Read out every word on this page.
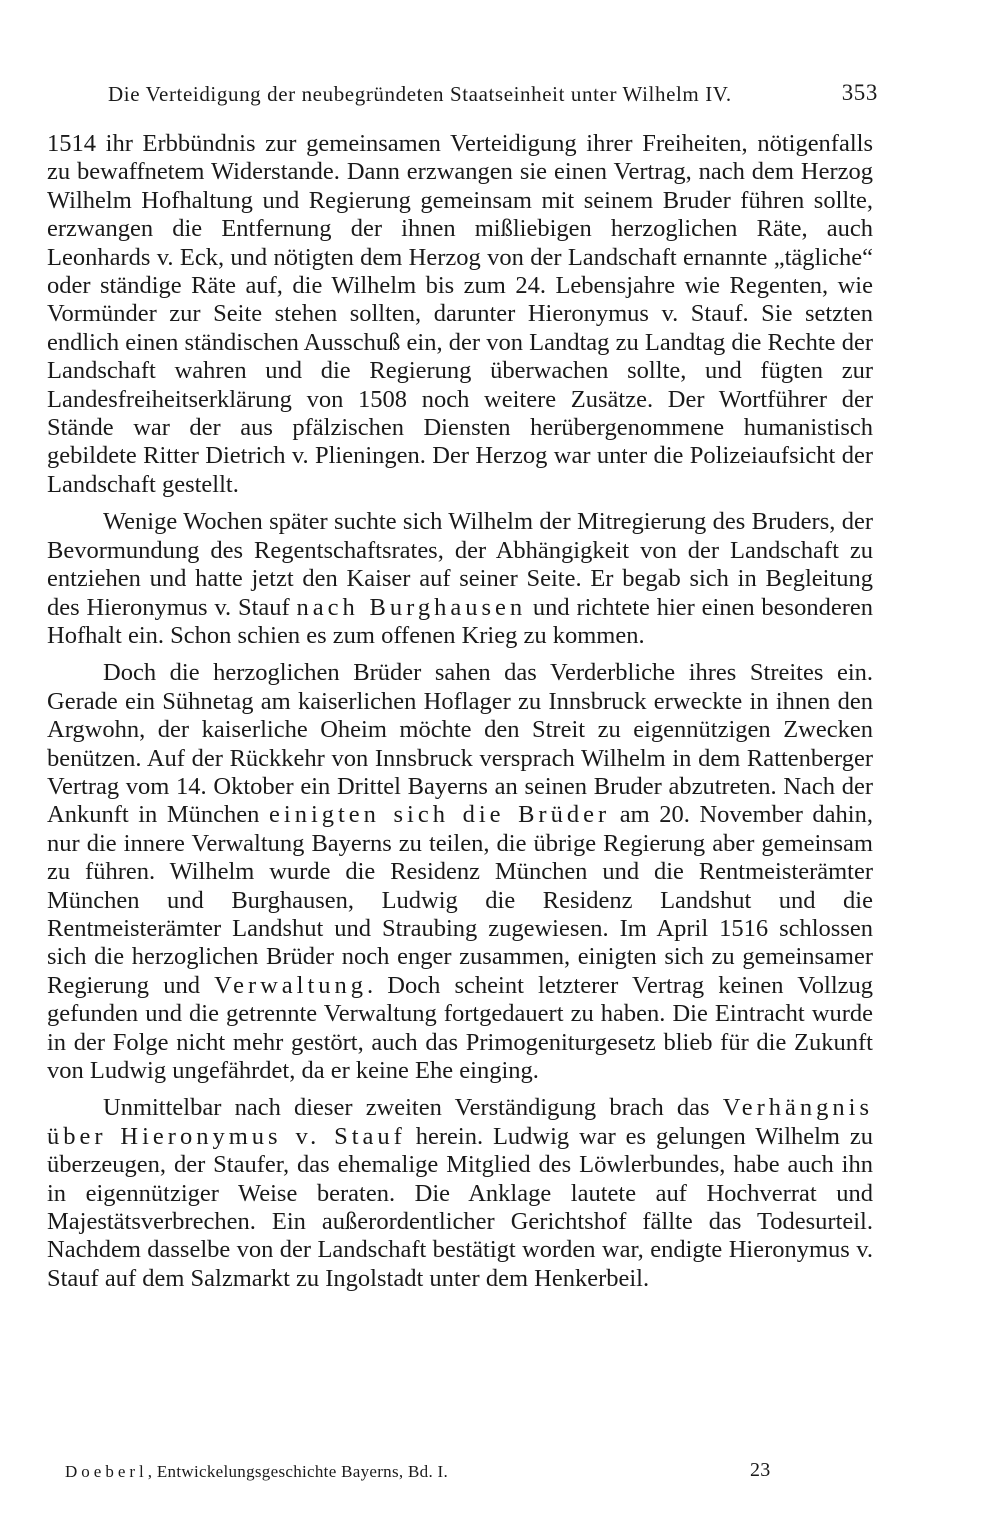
Die Verteidigung der neubegründeten Staatseinheit unter Wilhelm IV.	353

1514 ihr Erbbündnis zur gemeinsamen Verteidigung ihrer Freiheiten, nötigenfalls zu bewaffnetem Widerstande. Dann erzwangen sie einen Vertrag, nach dem Herzog Wilhelm Hofhaltung und Regierung gemeinsam mit seinem Bruder führen sollte, erzwangen die Entfernung der ihnen mißliebigen herzoglichen Räte, auch Leonhards v. Eck, und nötigten dem Herzog von der Landschaft ernannte „tägliche“ oder ständige Räte auf, die Wilhelm bis zum 24. Lebensjahre wie Regenten, wie Vormünder zur Seite stehen sollten, darunter Hieronymus v. Stauf. Sie setzten endlich einen ständischen Ausschuß ein, der von Landtag zu Landtag die Rechte der Landschaft wahren und die Regierung überwachen sollte, und fügten zur Landesfreiheitserklärung von 1508 noch weitere Zusätze. Der Wortführer der Stände war der aus pfälzischen Diensten herübergenommene humanistisch gebildete Ritter Dietrich v. Plieningen. Der Herzog war unter die Polizeiaufsicht der Landschaft gestellt.

Wenige Wochen später suchte sich Wilhelm der Mitregierung des Bruders, der Bevormundung des Regentschaftsrates, der Abhängigkeit von der Landschaft zu entziehen und hatte jetzt den Kaiser auf seiner Seite. Er begab sich in Begleitung des Hieronymus v. Stauf nach Burghausen und richtete hier einen besonderen Hofhalt ein. Schon schien es zum offenen Krieg zu kommen.

Doch die herzoglichen Brüder sahen das Verderbliche ihres Streites ein. Gerade ein Sühnetag am kaiserlichen Hoflager zu Innsbruck erweckte in ihnen den Argwohn, der kaiserliche Oheim möchte den Streit zu eigennützigen Zwecken benützen. Auf der Rückkehr von Innsbruck versprach Wilhelm in dem Rattenberger Vertrag vom 14. Oktober ein Drittel Bayerns an seinen Bruder abzutreten. Nach der Ankunft in München einigten sich die Brüder am 20. November dahin, nur die innere Verwaltung Bayerns zu teilen, die übrige Regierung aber gemeinsam zu führen. Wilhelm wurde die Residenz München und die Rentmeisterämter München und Burghausen, Ludwig die Residenz Landshut und die Rentmeisterämter Landshut und Straubing zugewiesen. Im April 1516 schlossen sich die herzoglichen Brüder noch enger zusammen, einigten sich zu gemeinsamer Regierung und Verwaltung. Doch scheint letzterer Vertrag keinen Vollzug gefunden und die getrennte Verwaltung fortgedauert zu haben. Die Eintracht wurde in der Folge nicht mehr gestört, auch das Primogeniturgesetz blieb für die Zukunft von Ludwig ungefährdet, da er keine Ehe einging.

Unmittelbar nach dieser zweiten Verständigung brach das Verhängnis über Hieronymus v. Stauf herein. Ludwig war es gelungen Wilhelm zu überzeugen, der Staufer, das ehemalige Mitglied des Löwlerbundes, habe auch ihn in eigennütziger Weise beraten. Die Anklage lautete auf Hochverrat und Majestätsverbrechen. Ein außerordentlicher Gerichtshof fällte das Todesurteil. Nachdem dasselbe von der Landschaft bestätigt worden war, endigte Hieronymus v. Stauf auf dem Salzmarkt zu Ingolstadt unter dem Henkerbeil.

Doeberl, Entwickelungsgeschichte Bayerns, Bd. I.	23
